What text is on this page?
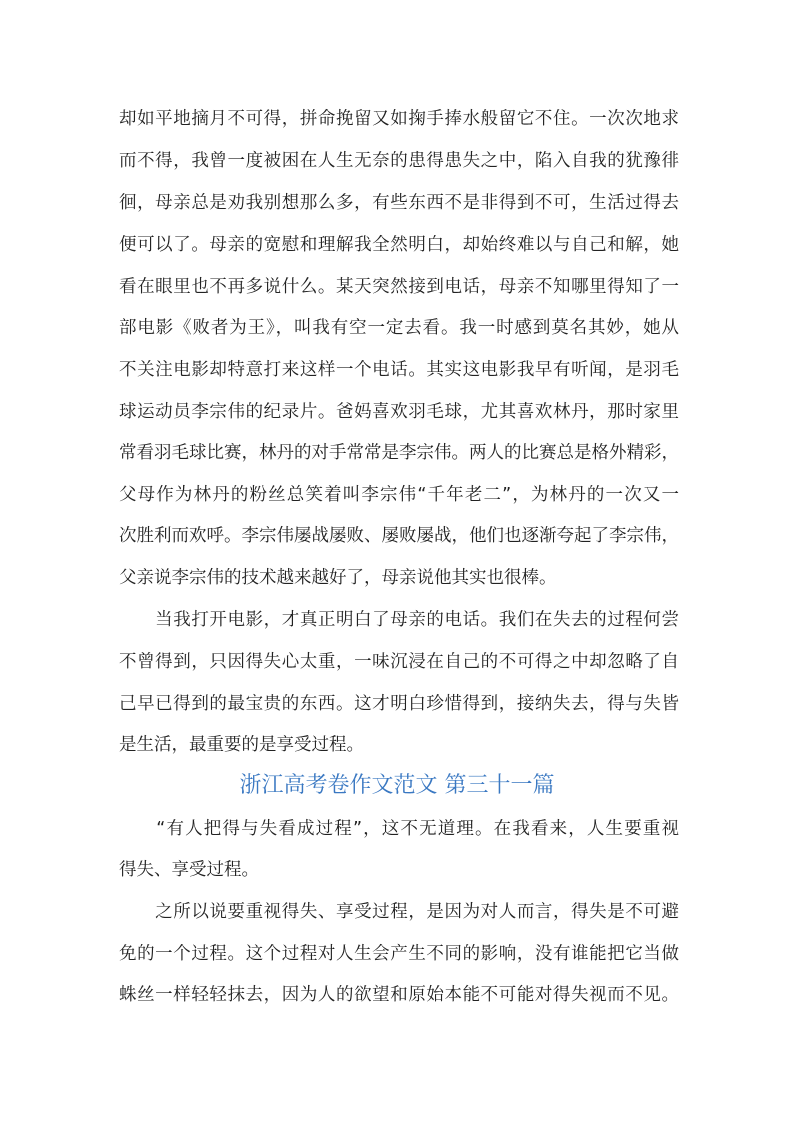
却如平地摘月不可得，拼命挽留又如掬手捧水般留它不住。一次次地求
而不得，我曾一度被困在人生无奈的患得患失之中，陷入自我的犹豫徘
徊，母亲总是劝我别想那么多，有些东西不是非得到不可，生活过得去
便可以了。母亲的宽慰和理解我全然明白，却始终难以与自己和解，她
看在眼里也不再多说什么。某天突然接到电话，母亲不知哪里得知了一
部电影《败者为王》，叫我有空一定去看。我一时感到莫名其妙，她从
不关注电影却特意打来这样一个电话。其实这电影我早有听闻，是羽毛
球运动员李宗伟的纪录片。爸妈喜欢羽毛球，尤其喜欢林丹，那时家里
常看羽毛球比赛，林丹的对手常常是李宗伟。两人的比赛总是格外精彩，
父母作为林丹的粉丝总笑着叫李宗伟“千年老二”，为林丹的一次又一
次胜利而欢呼。李宗伟屡战屡败、屡败屡战，他们也逐渐夸起了李宗伟，
父亲说李宗伟的技术越来越好了，母亲说他其实也很棒。
　　当我打开电影，才真正明白了母亲的电话。我们在失去的过程何尝
不曾得到，只因得失心太重，一味沉浸在自己的不可得之中却忽略了自
己早已得到的最宝贵的东西。这才明白珍惜得到，接纳失去，得与失皆
是生活，最重要的是享受过程。
浙江高考卷作文范文 第三十一篇
　　“有人把得与失看成过程”，这不无道理。在我看来，人生要重视
得失、享受过程。
　　之所以说要重视得失、享受过程，是因为对人而言，得失是不可避
免的一个过程。这个过程对人生会产生不同的影响，没有谁能把它当做
蛛丝一样轻轻抹去，因为人的欲望和原始本能不可能对得失视而不见。
